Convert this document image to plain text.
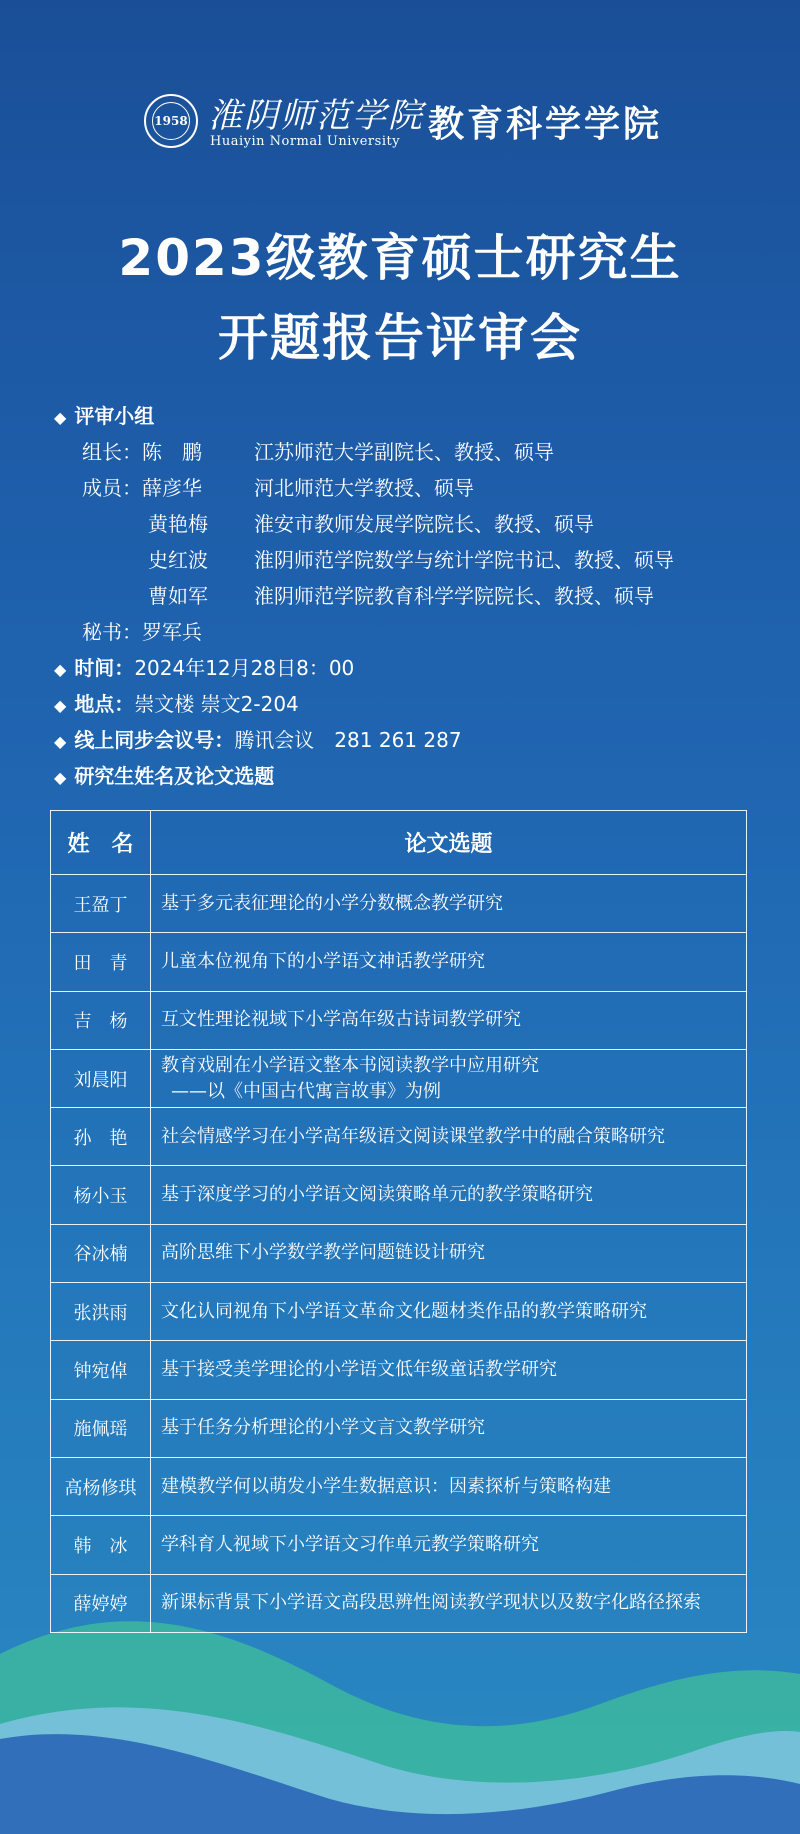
1958 淮阴师范学院
Huaiyin Normal University 教育科学学院
2023级教育硕士研究生
开题报告评审会
◆ 评审小组
组长：陈　鹏	江苏师范大学副院长、教授、硕导
成员：薛彦华	河北师范大学教授、硕导
黄艳梅 淮安市教师发展学院院长、教授、硕导
史红波 淮阴师范学院数学与统计学院书记、教授、硕导
曹如军 淮阴师范学院教育科学学院院长、教授、硕导
秘书：罗军兵
◆ 时间：2024年12月28日8：00
◆ 地点：崇文楼 崇文2-204
◆ 线上同步会议号：腾讯会议　281 261 287
◆ 研究生姓名及论文选题
姓　名	论文选题
王盈丁	基于多元表征理论的小学分数概念教学研究
田　青	儿童本位视角下的小学语文神话教学研究
吉　杨	互文性理论视域下小学高年级古诗词教学研究
刘晨阳	教育戏剧在小学语文整本书阅读教学中应用研究
——以《中国古代寓言故事》为例

孙　艳	社会情感学习在小学高年级语文阅读课堂教学中的融合策略研究
杨小玉	基于深度学习的小学语文阅读策略单元的教学策略研究
谷冰楠	高阶思维下小学数学教学问题链设计研究
张洪雨	文化认同视角下小学语文革命文化题材类作品的教学策略研究
钟宛倬	基于接受美学理论的小学语文低年级童话教学研究
施佩瑶	基于任务分析理论的小学文言文教学研究
高杨修琪	建模教学何以萌发小学生数据意识：因素探析与策略构建
韩　冰	学科育人视域下小学语文习作单元教学策略研究
薛婷婷	新课标背景下小学语文高段思辨性阅读教学现状以及数字化路径探索
